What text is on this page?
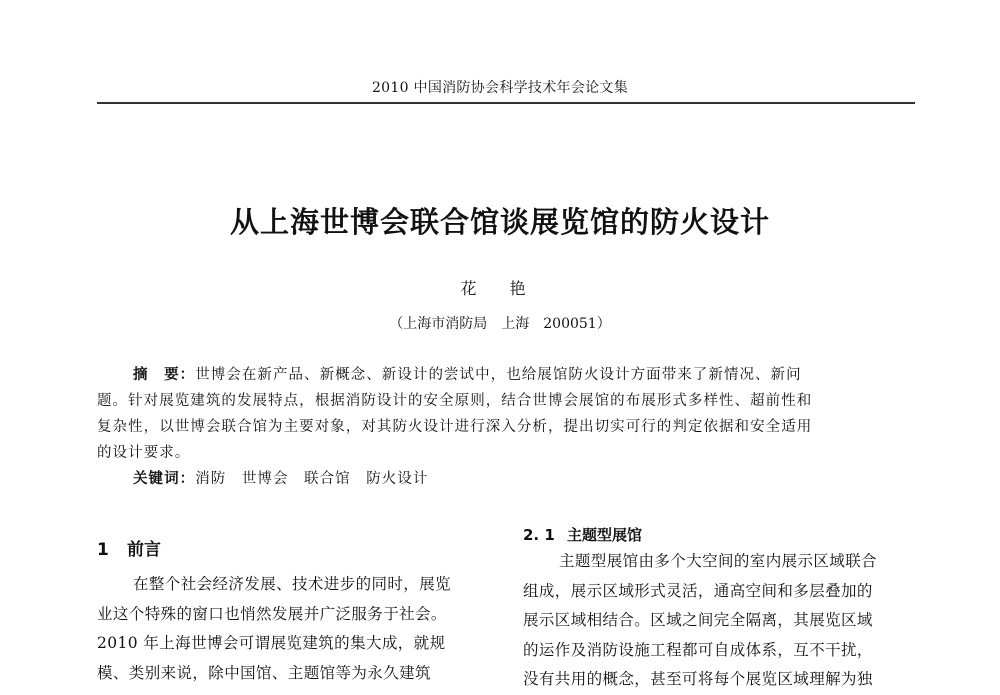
2010 中国消防协会科学技术年会论文集
从上海世博会联合馆谈展览馆的防火设计
花 艳
（上海市消防局　上海　200051）
摘　要：世博会在新产品、新概念、新设计的尝试中，也给展馆防火设计方面带来了新情况、新问
题。针对展览建筑的发展特点，根据消防设计的安全原则，结合世博会展馆的布展形式多样性、超前性和
复杂性，以世博会联合馆为主要对象，对其防火设计进行深入分析，提出切实可行的判定依据和安全适用
的设计要求。
关键词：消防　世博会　联合馆　防火设计
1 前言
在整个社会经济发展、技术进步的同时，展览
业这个特殊的窗口也悄然发展并广泛服务于社会。
2010 年上海世博会可谓展览建筑的集大成，就规
模、类别来说，除中国馆、主题馆等为永久建筑
2. 1 主题型展馆
主题型展馆由多个大空间的室内展示区域联合
组成，展示区域形式灵活，通高空间和多层叠加的
展示区域相结合。区域之间完全隔离，其展览区域
的运作及消防设施工程都可自成体系，互不干扰，
没有共用的概念，甚至可将每个展览区域理解为独
